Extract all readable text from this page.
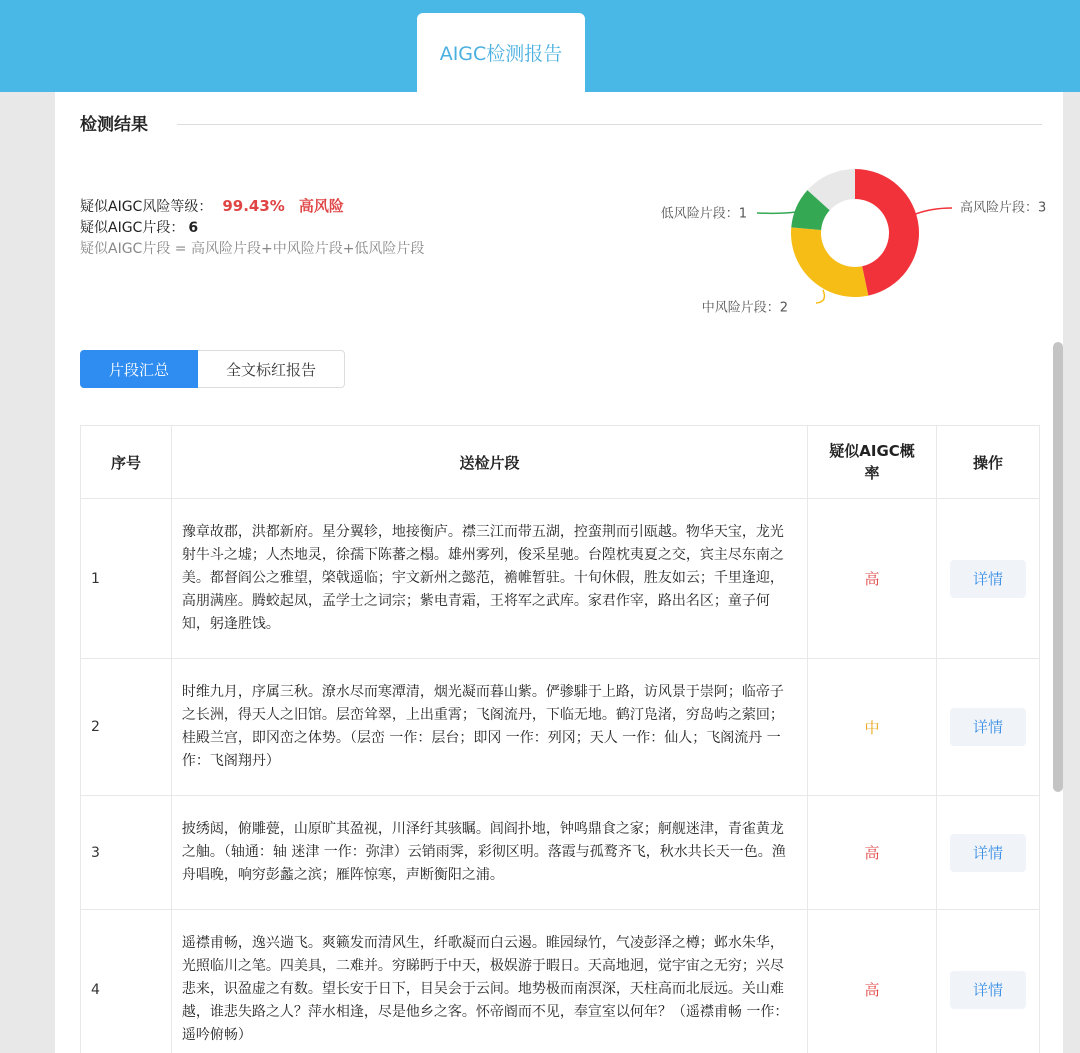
AIGC检测报告
检测结果
疑似AIGC风险等级： 99.43% 高风险
疑似AIGC片段： 6
疑似AIGC片段 = 高风险片段+中风险片段+低风险片段
高风险片段：3
中风险片段：2
低风险片段：1
片段汇总	全文标红报告
序号	送检片段	疑似AIGC概率	操作
1	豫章故郡，洪都新府。星分翼轸，地接衡庐。襟三江而带五湖，控蛮荆而引瓯越。物华天宝，龙光射牛斗之墟；人杰地灵，徐孺下陈蕃之榻。雄州雾列，俊采星驰。台隍枕夷夏之交，宾主尽东南之美。都督阎公之雅望，棨戟遥临；宇文新州之懿范，襜帷暂驻。十旬休假，胜友如云；千里逢迎，高朋满座。腾蛟起凤，孟学士之词宗；紫电青霜，王将军之武库。家君作宰，路出名区；童子何知，躬逢胜饯。	高	详情
2	时维九月，序属三秋。潦水尽而寒潭清，烟光凝而暮山紫。俨骖騑于上路，访风景于崇阿；临帝子之长洲，得天人之旧馆。层峦耸翠，上出重霄；飞阁流丹，下临无地。鹤汀凫渚，穷岛屿之萦回；桂殿兰宫，即冈峦之体势。（层峦 一作：层台；即冈 一作：列冈；天人 一作：仙人；飞阁流丹 一作：飞阁翔丹）	中	详情
3	披绣闼，俯雕甍，山原旷其盈视，川泽纡其骇瞩。闾阎扑地，钟鸣鼎食之家；舸舰迷津，青雀黄龙之舳。（轴通：轴 迷津 一作：弥津）云销雨霁，彩彻区明。落霞与孤鹜齐飞，秋水共长天一色。渔舟唱晚，响穷彭蠡之滨；雁阵惊寒，声断衡阳之浦。	高	详情
4	遥襟甫畅，逸兴遄飞。爽籁发而清风生，纤歌凝而白云遏。睢园绿竹，气凌彭泽之樽；邺水朱华，光照临川之笔。四美具，二难并。穷睇眄于中天，极娱游于暇日。天高地迥，觉宇宙之无穷；兴尽悲来，识盈虚之有数。望长安于日下，目吴会于云间。地势极而南溟深，天柱高而北辰远。关山难越，谁悲失路之人？萍水相逢，尽是他乡之客。怀帝阍而不见，奉宣室以何年？（遥襟甫畅 一作：遥吟俯畅）	高	详情
